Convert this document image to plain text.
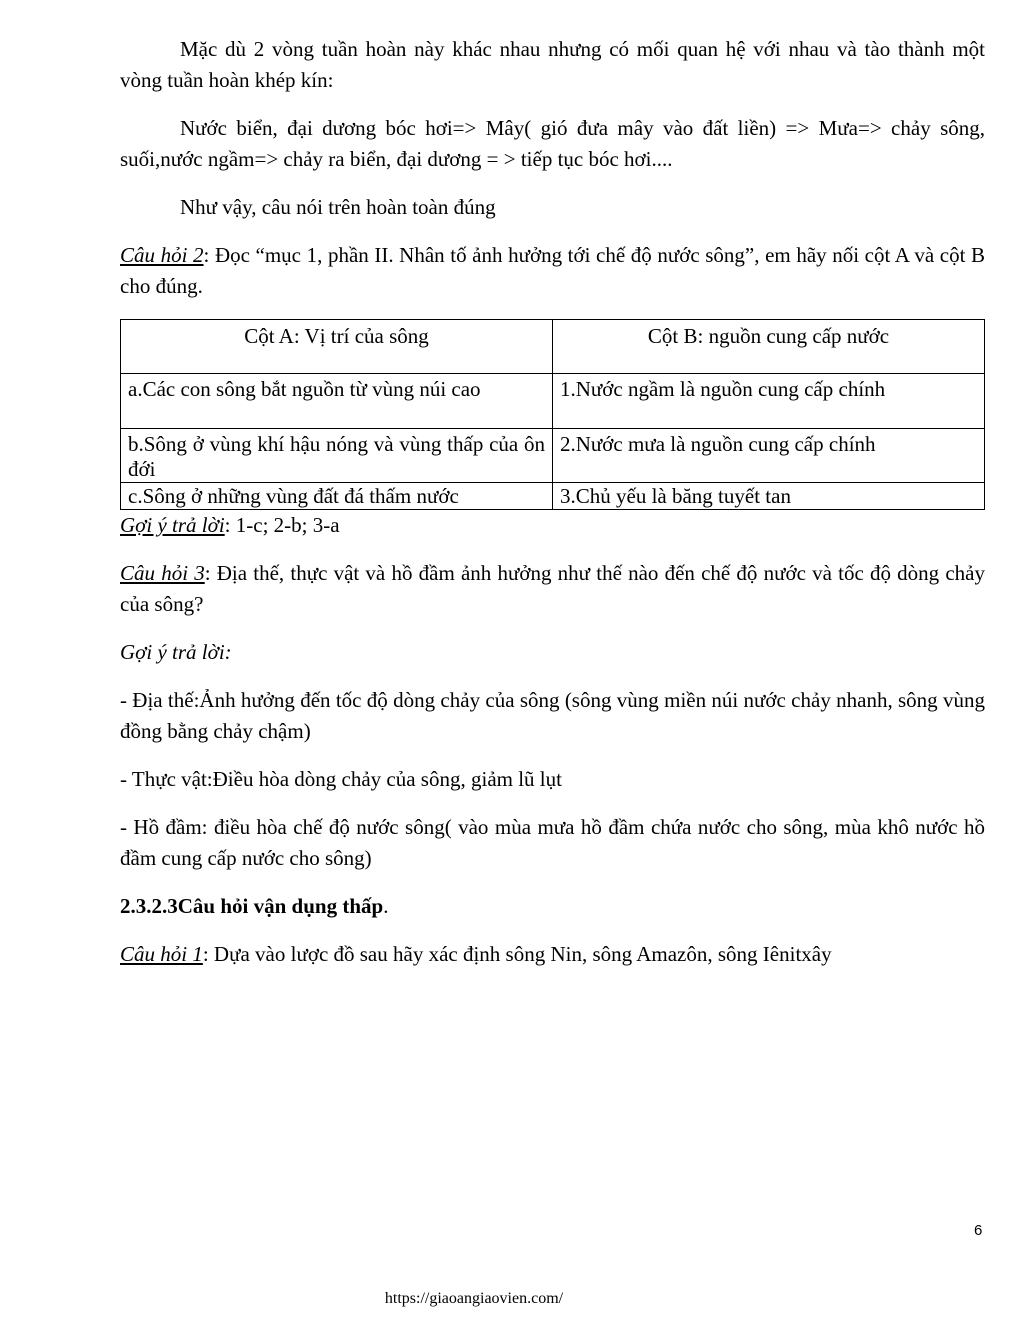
Mặc dù 2 vòng tuần hoàn này khác nhau nhưng có mối quan hệ với nhau và tào thành một vòng tuần hoàn khép kín:

Nước biển, đại dương bóc hơi=> Mây( gió đưa mây vào đất liền) => Mưa=> chảy sông, suối,nước ngầm=> chảy ra biển, đại dương = > tiếp tục bóc hơi....

Như vậy, câu nói trên hoàn toàn đúng

Câu hỏi 2: Đọc “mục 1, phần II. Nhân tố ảnh hưởng tới chế độ nước sông”, em hãy nối cột A và cột B cho đúng.

Cột A: Vị trí của sông	Cột B: nguồn cung cấp nước
a.Các con sông bắt nguồn từ vùng núi cao	1.Nước ngầm là nguồn cung cấp chính
b.Sông ở vùng khí hậu nóng và vùng thấp của ôn đới	2.Nước mưa là nguồn cung cấp chính
c.Sông ở những vùng đất đá thấm nước	3.Chủ yếu là băng tuyết tan

Gợi ý trả lời: 1-c; 2-b; 3-a

Câu hỏi 3: Địa thế, thực vật và hồ đầm ảnh hưởng như thế nào đến chế độ nước và tốc độ dòng chảy của sông?

Gợi ý trả lời:

- Địa thế:Ảnh hưởng đến tốc độ dòng chảy của sông (sông vùng miền núi nước chảy nhanh, sông vùng đồng bằng chảy chậm)

- Thực vật:Điều hòa dòng chảy của sông, giảm lũ lụt

- Hồ đầm: điều hòa chế độ nước sông( vào mùa mưa hồ đầm chứa nước cho sông, mùa khô nước hồ đầm cung cấp nước cho sông)

2.3.2.3Câu hỏi vận dụng thấp.

Câu hỏi 1: Dựa vào lược đồ sau hãy xác định sông Nin, sông Amazôn, sông Iênitxây

6
https://giaoangiaovien.com/
